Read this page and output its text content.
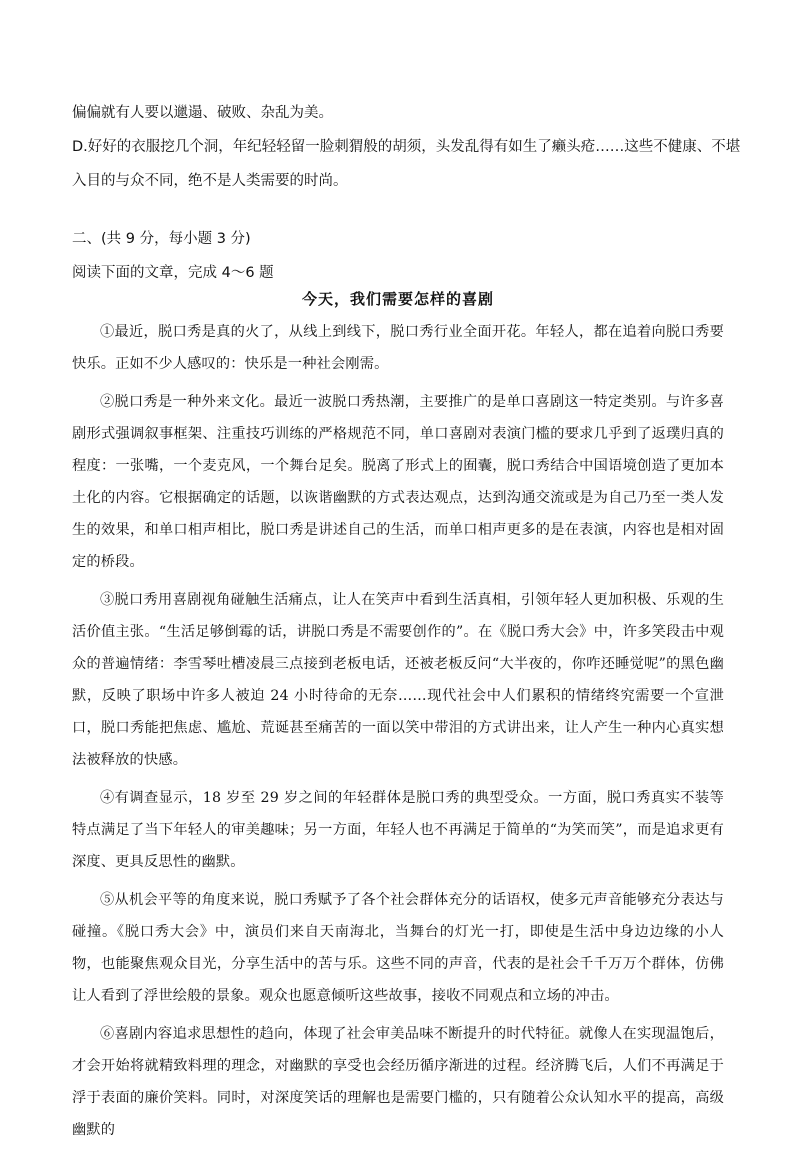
偏偏就有人要以邋遢、破败、杂乱为美。
D.好好的衣服挖几个洞，年纪轻轻留一脸刺猬般的胡须，头发乱得有如生了癞头疮……这些不健康、不堪
入目的与众不同，绝不是人类需要的时尚。
二、(共 9 分，每小题 3 分)
阅读下面的文章，完成 4～6 题
今天，我们需要怎样的喜剧

①最近，脱口秀是真的火了，从线上到线下，脱口秀行业全面开花。年轻人，都在追着向脱口秀要快乐。正如不少人感叹的：快乐是一种社会刚需。

②脱口秀是一种外来文化。最近一波脱口秀热潮，主要推广的是单口喜剧这一特定类别。与许多喜剧形式强调叙事框架、注重技巧训练的严格规范不同，单口喜剧对表演门槛的要求几乎到了返璞归真的程度：一张嘴，一个麦克风，一个舞台足矣。脱离了形式上的囿囊，脱口秀结合中国语境创造了更加本土化的内容。它根据确定的话题，以诙谐幽默的方式表达观点，达到沟通交流或是为自己乃至一类人发生的效果，和单口相声相比，脱口秀是讲述自己的生活，而单口相声更多的是在表演，内容也是相对固定的桥段。

③脱口秀用喜剧视角碰触生活痛点，让人在笑声中看到生活真相，引领年轻人更加积极、乐观的生活价值主张。“生活足够倒霉的话，讲脱口秀是不需要创作的”。在《脱口秀大会》中，许多笑段击中观众的普遍情绪：李雪琴吐槽凌晨三点接到老板电话，还被老板反问“大半夜的，你咋还睡觉呢”的黑色幽默，反映了职场中许多人被迫 24 小时待命的无奈……现代社会中人们累积的情绪终究需要一个宣泄口，脱口秀能把焦虑、尴尬、荒诞甚至痛苦的一面以笑中带泪的方式讲出来，让人产生一种内心真实想法被释放的快感。

④有调查显示，18 岁至 29 岁之间的年轻群体是脱口秀的典型受众。一方面，脱口秀真实不装等特点满足了当下年轻人的审美趣味；另一方面，年轻人也不再满足于简单的“为笑而笑”，而是追求更有深度、更具反思性的幽默。

⑤从机会平等的角度来说，脱口秀赋予了各个社会群体充分的话语权，使多元声音能够充分表达与碰撞。《脱口秀大会》中，演员们来自天南海北，当舞台的灯光一打，即使是生活中身边边缘的小人物，也能聚焦观众目光，分享生活中的苦与乐。这些不同的声音，代表的是社会千千万万个群体，仿佛让人看到了浮世绘般的景象。观众也愿意倾听这些故事，接收不同观点和立场的冲击。

⑥喜剧内容追求思想性的趋向，体现了社会审美品味不断提升的时代特征。就像人在实现温饱后，才会开始将就精致料理的理念，对幽默的享受也会经历循序渐进的过程。经济腾飞后，人们不再满足于浮于表面的廉价笑料。同时，对深度笑话的理解也是需要门槛的，只有随着公众认知水平的提高，高级幽默的
